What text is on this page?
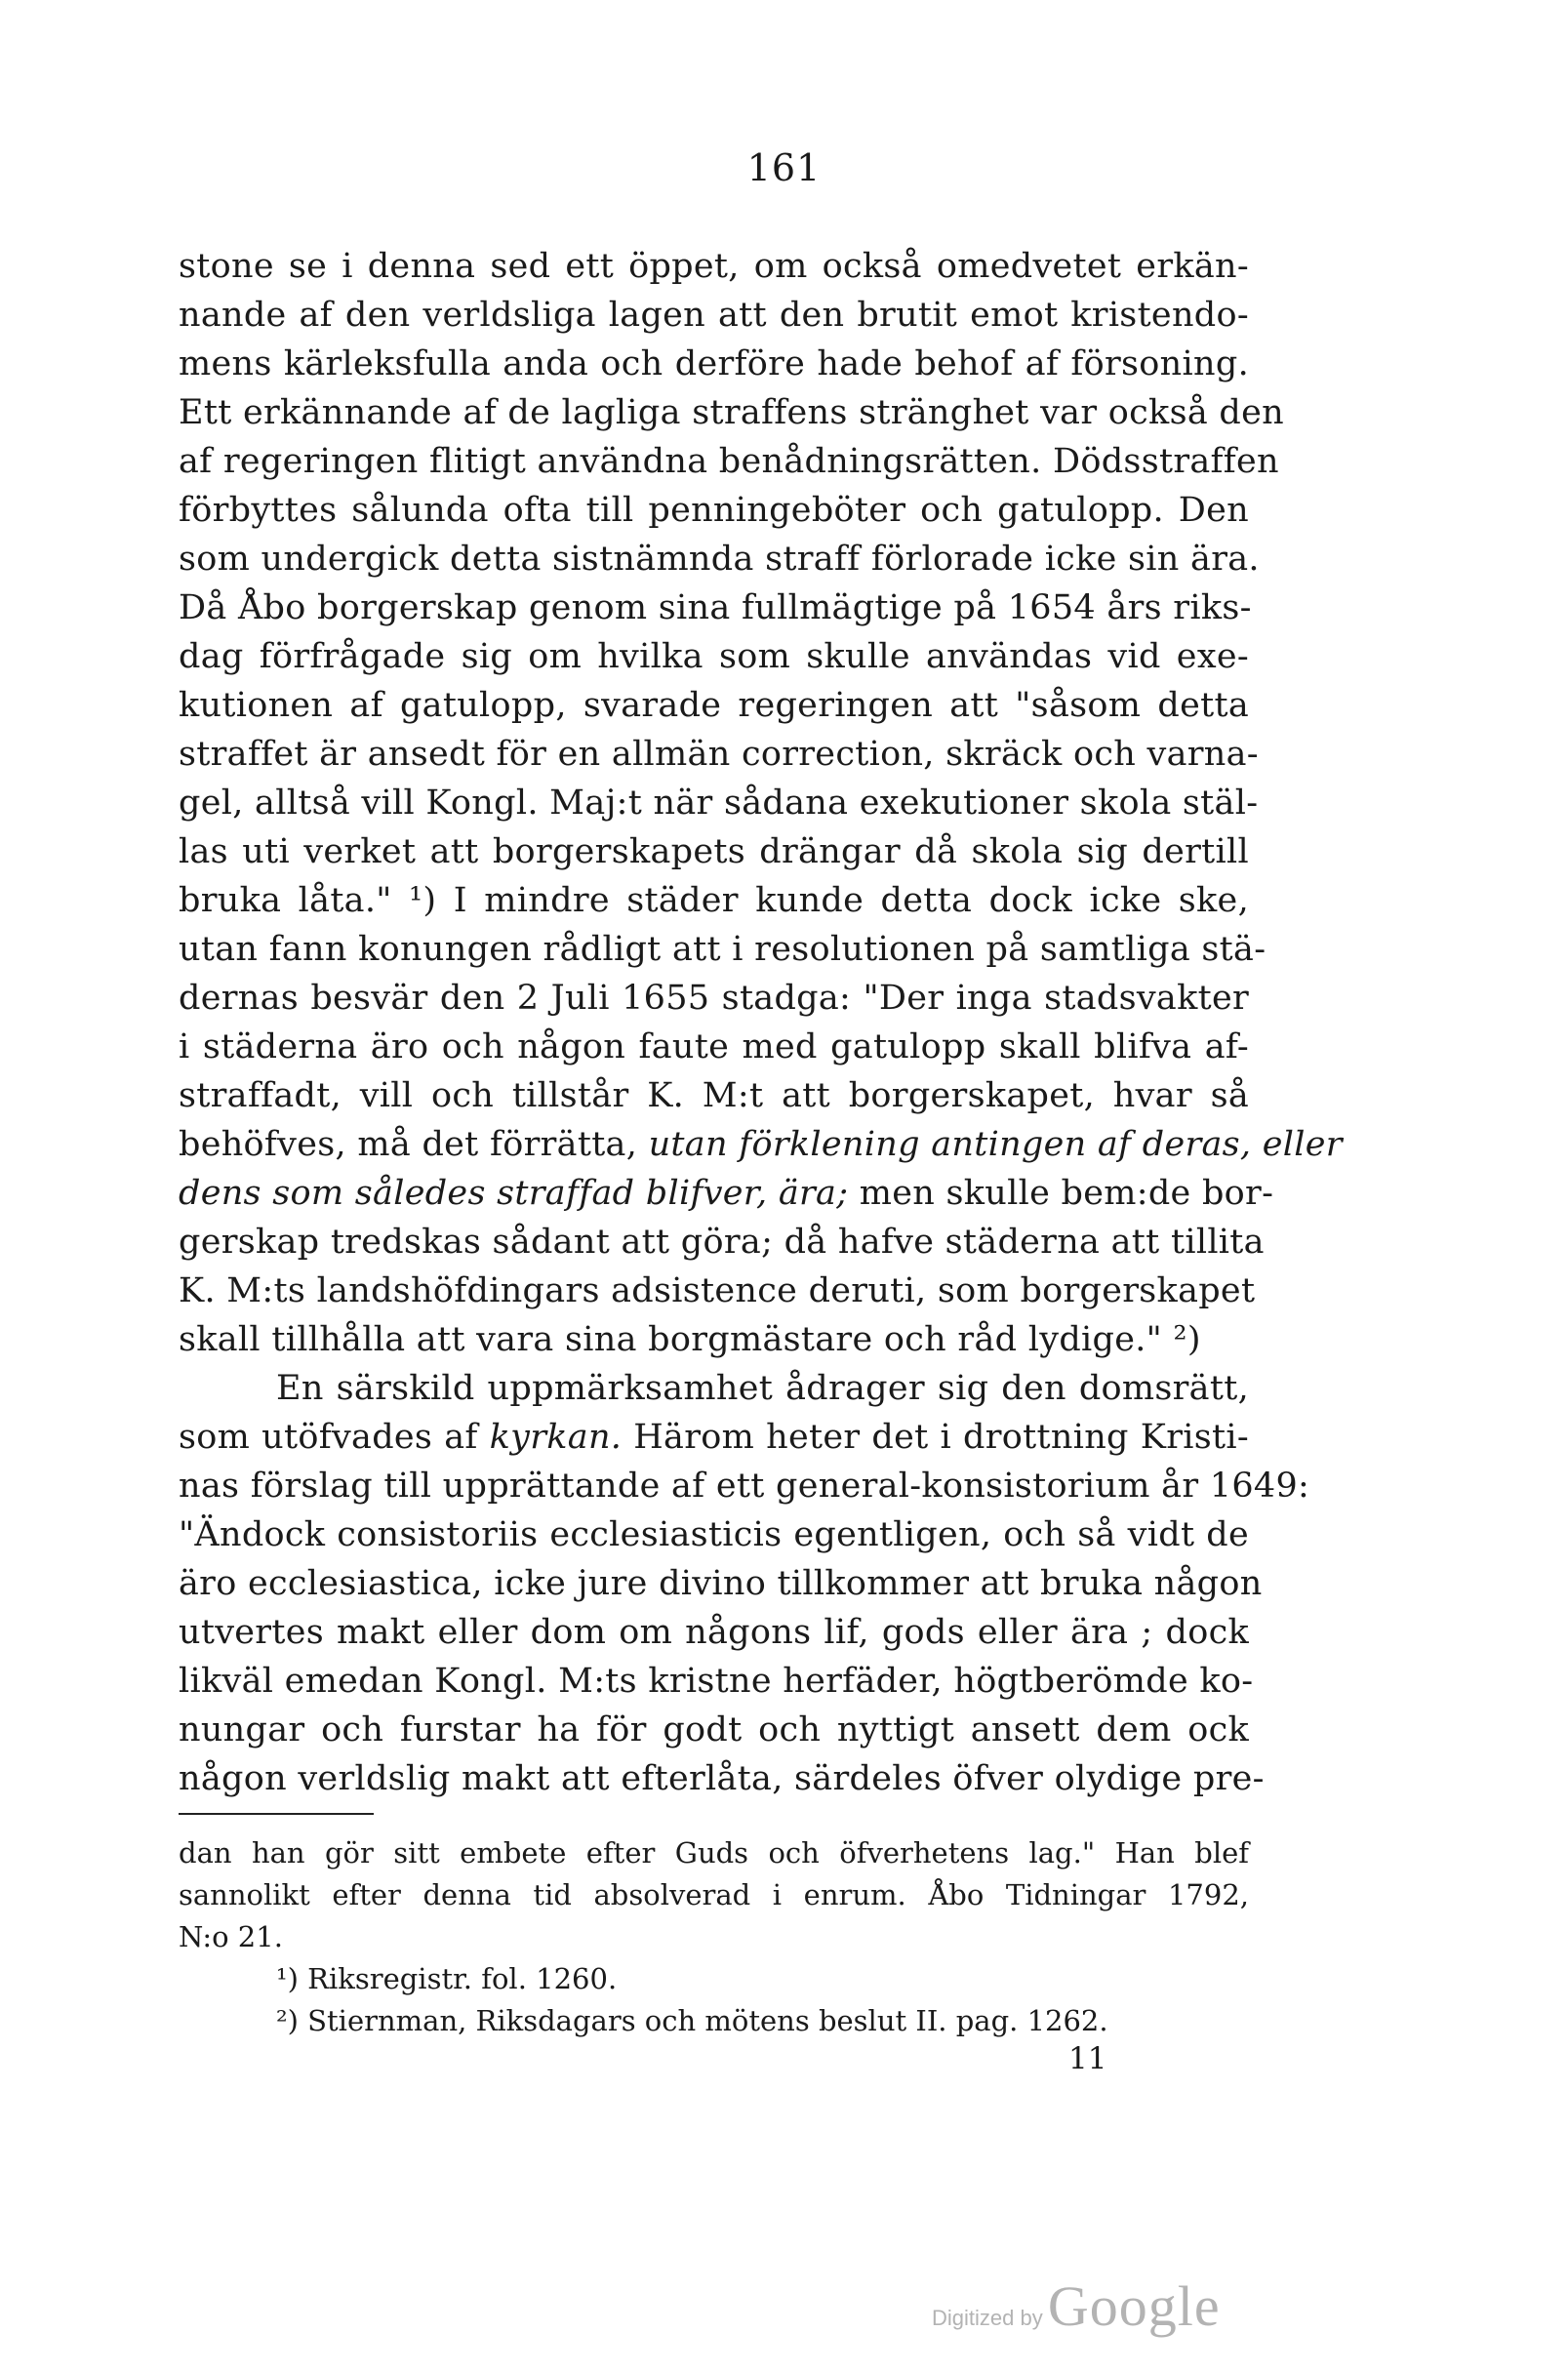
161
stone se i denna sed ett öppet, om också omedvetet erkän-
nande af den verldsliga lagen att den brutit emot kristendo-
mens kärleksfulla anda och derföre hade behof af försoning.
Ett erkännande af de lagliga straffens stränghet var också den
af regeringen flitigt användna benådningsrätten. Dödsstraffen
förbyttes sålunda ofta till penningeböter och gatulopp. Den
som undergick detta sistnämnda straff förlorade icke sin ära.
Då Åbo borgerskap genom sina fullmägtige på 1654 års riks-
dag förfrågade sig om hvilka som skulle användas vid exe-
kutionen af gatulopp, svarade regeringen att "såsom detta
straffet är ansedt för en allmän correction, skräck och varna-
gel, alltså vill Kongl. Maj:t när sådana exekutioner skola stäl-
las uti verket att borgerskapets drängar då skola sig dertill
bruka låta." ¹) I mindre städer kunde detta dock icke ske,
utan fann konungen rådligt att i resolutionen på samtliga stä-
dernas besvär den 2 Juli 1655 stadga: "Der inga stadsvakter
i städerna äro och någon faute med gatulopp skall blifva af-
straffadt, vill och tillstår K. M:t att borgerskapet, hvar så
behöfves, må det förrätta, utan förklening antingen af deras, eller
dens som således straffad blifver, ära; men skulle bem:de bor-
gerskap tredskas sådant att göra; då hafve städerna att tillita
K. M:ts landshöfdingars adsistence deruti, som borgerskapet
skall tillhålla att vara sina borgmästare och råd lydige." ²)
En särskild uppmärksamhet ådrager sig den domsrätt,
som utöfvades af kyrkan. Härom heter det i drottning Kristi-
nas förslag till upprättande af ett general-konsistorium år 1649:
"Ändock consistoriis ecclesiasticis egentligen, och så vidt de
äro ecclesiastica, icke jure divino tillkommer att bruka någon
utvertes makt eller dom om någons lif, gods eller ära ; dock
likväl emedan Kongl. M:ts kristne herfäder, högtberömde ko-
nungar och furstar ha för godt och nyttigt ansett dem ock
någon verldslig makt att efterlåta, särdeles öfver olydige pre-
dan han gör sitt embete efter Guds och öfverhetens lag." Han blef
sannolikt efter denna tid absolverad i enrum. Åbo Tidningar 1792,
N:o 21.
¹) Riksregistr. fol. 1260.
²) Stiernman, Riksdagars och mötens beslut II. pag. 1262.
11
Digitized by Google
